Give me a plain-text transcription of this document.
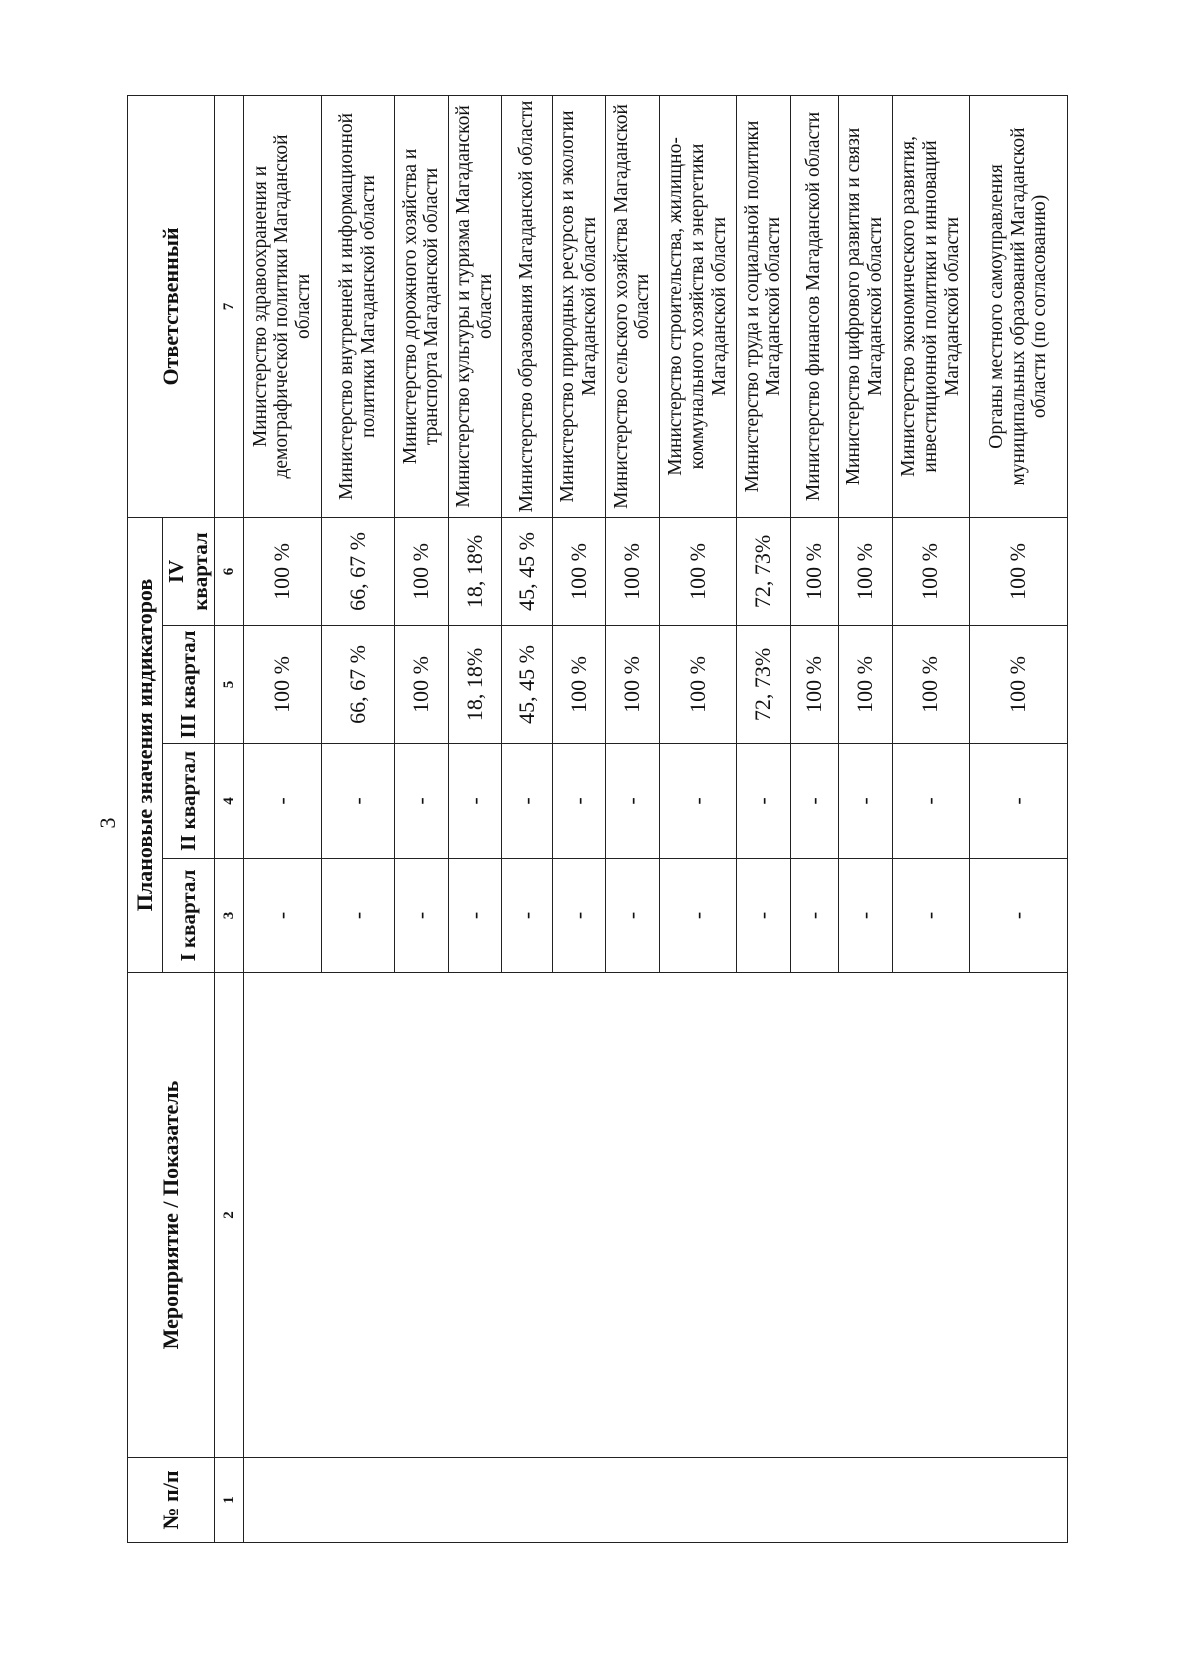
3
№ п/п	Мероприятие / Показатель	Плановые значения индикаторов				Ответственный
		I квартал	II квартал	III квартал	IV квартал	
1	2	3	4	5	6	7
		-	-	100 %	100 %	Министерство здравоохранения и демографической политики Магаданской области
		-	-	66, 67 %	66, 67 %	Министерство внутренней и информационной политики Магаданской области
		-	-	100 %	100 %	Министерство дорожного хозяйства и транспорта Магаданской области
		-	-	18, 18%	18, 18%	Министерство культуры и туризма Магаданской области
		-	-	45, 45 %	45, 45 %	Министерство образования Магаданской области
		-	-	100 %	100 %	Министерство природных ресурсов и экологии Магаданской области
		-	-	100 %	100 %	Министерство сельского хозяйства Магаданской области
		-	-	100 %	100 %	Министерство строительства, жилищно-коммунального хозяйства и энергетики Магаданской области
		-	-	72, 73%	72, 73%	Министерство труда и социальной политики Магаданской области
		-	-	100 %	100 %	Министерство финансов Магаданской области
		-	-	100 %	100 %	Министерство цифрового развития и связи Магаданской области
		-	-	100 %	100 %	Министерство экономического развития, инвестиционной политики и инноваций Магаданской области
		-	-	100 %	100 %	Органы местного самоуправления муниципальных образований Магаданской области (по согласованию)
